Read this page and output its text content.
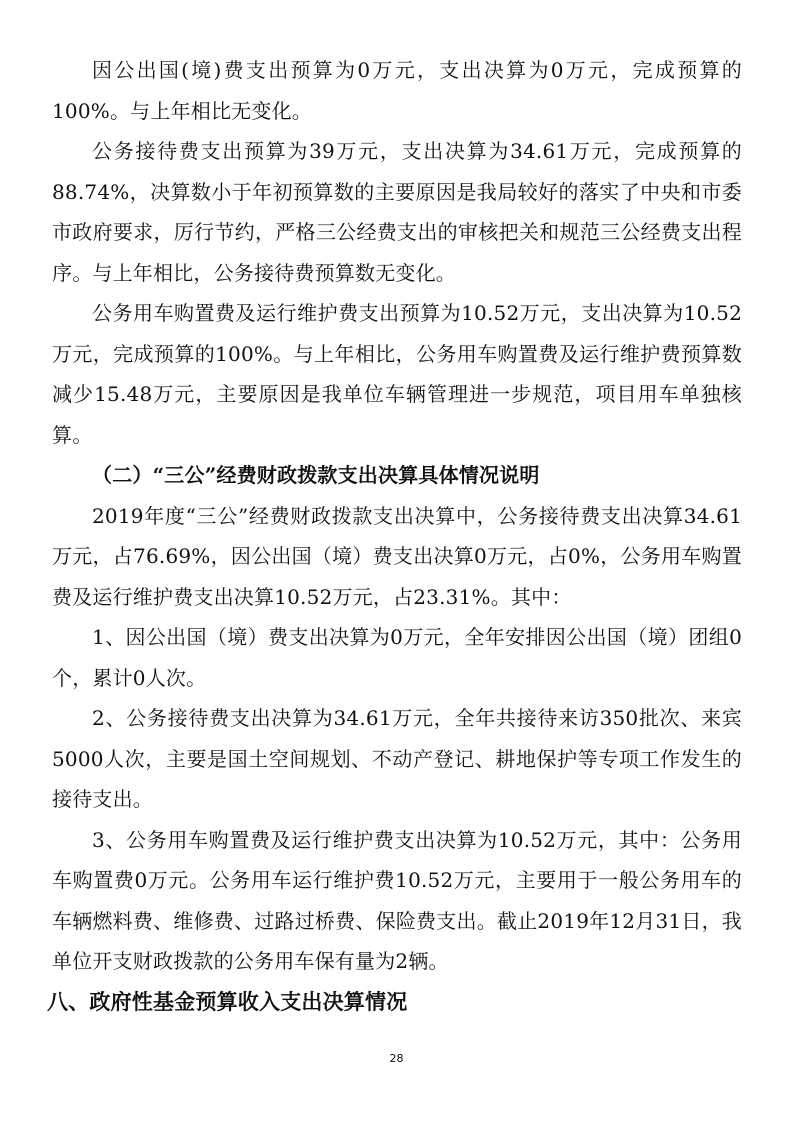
因公出国(境)费支出预算为0万元，支出决算为0万元，完成预算的100%。与上年相比无变化。

公务接待费支出预算为39万元，支出决算为34.61万元，完成预算的88.74%，决算数小于年初预算数的主要原因是我局较好的落实了中央和市委市政府要求，厉行节约，严格三公经费支出的审核把关和规范三公经费支出程序。与上年相比，公务接待费预算数无变化。

公务用车购置费及运行维护费支出预算为10.52万元，支出决算为10.52万元，完成预算的100%。与上年相比，公务用车购置费及运行维护费预算数减少15.48万元，主要原因是我单位车辆管理进一步规范，项目用车单独核算。

（二）“三公”经费财政拨款支出决算具体情况说明

2019年度“三公”经费财政拨款支出决算中，公务接待费支出决算34.61万元，占76.69%，因公出国（境）费支出决算0万元，占0%，公务用车购置费及运行维护费支出决算10.52万元，占23.31%。其中：

1、因公出国（境）费支出决算为0万元，全年安排因公出国（境）团组0个，累计0人次。

2、公务接待费支出决算为34.61万元，全年共接待来访350批次、来宾5000人次，主要是国土空间规划、不动产登记、耕地保护等专项工作发生的接待支出。

3、公务用车购置费及运行维护费支出决算为10.52万元，其中：公务用车购置费0万元。公务用车运行维护费10.52万元，主要用于一般公务用车的车辆燃料费、维修费、过路过桥费、保险费支出。截止2019年12月31日，我单位开支财政拨款的公务用车保有量为2辆。

八、政府性基金预算收入支出决算情况

28
